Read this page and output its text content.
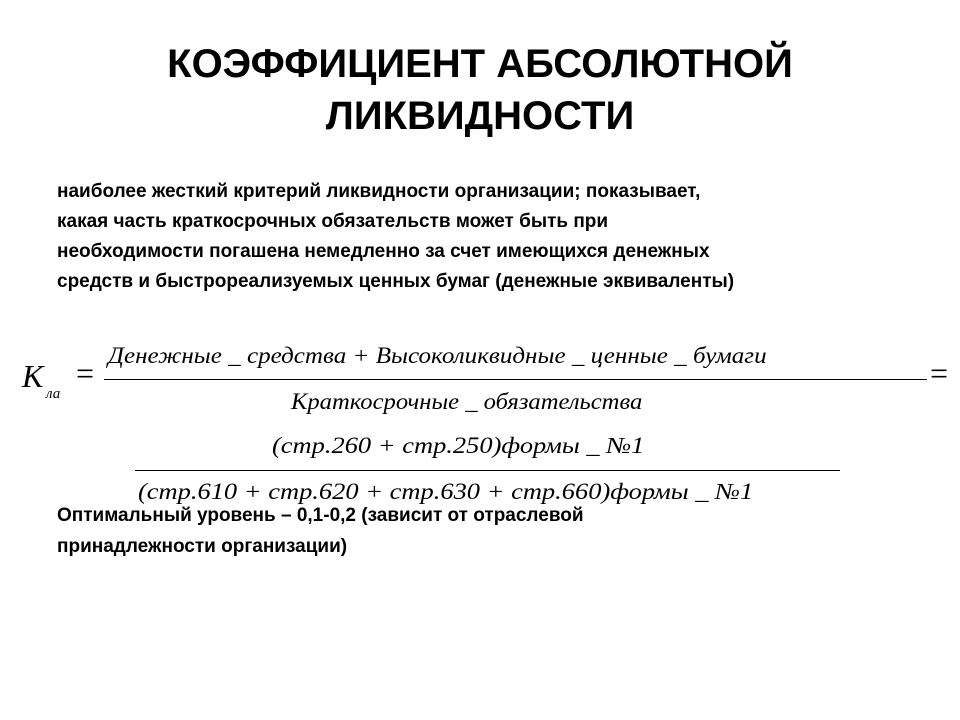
КОЭФФИЦИЕНТ АБСОЛЮТНОЙ
ЛИКВИДНОСТИ
наиболее жесткий критерий ликвидности организации; показывает,
какая часть краткосрочных обязательств может быть при
необходимости погашена немедленно за счет имеющихся денежных
средств и быстрореализуемых ценных бумаг (денежные эквиваленты)
K ла
= Денежные _ средства + Высоколиквидные _ ценные _ бумаги
Краткосрочные _ обязательства
=
(стр.260 + стр.250)формы _ №1
(стр.610 + стр.620 + стр.630 + стр.660)формы _ №1
Оптимальный уровень – 0,1-0,2 (зависит от отраслевой
принадлежности организации)
